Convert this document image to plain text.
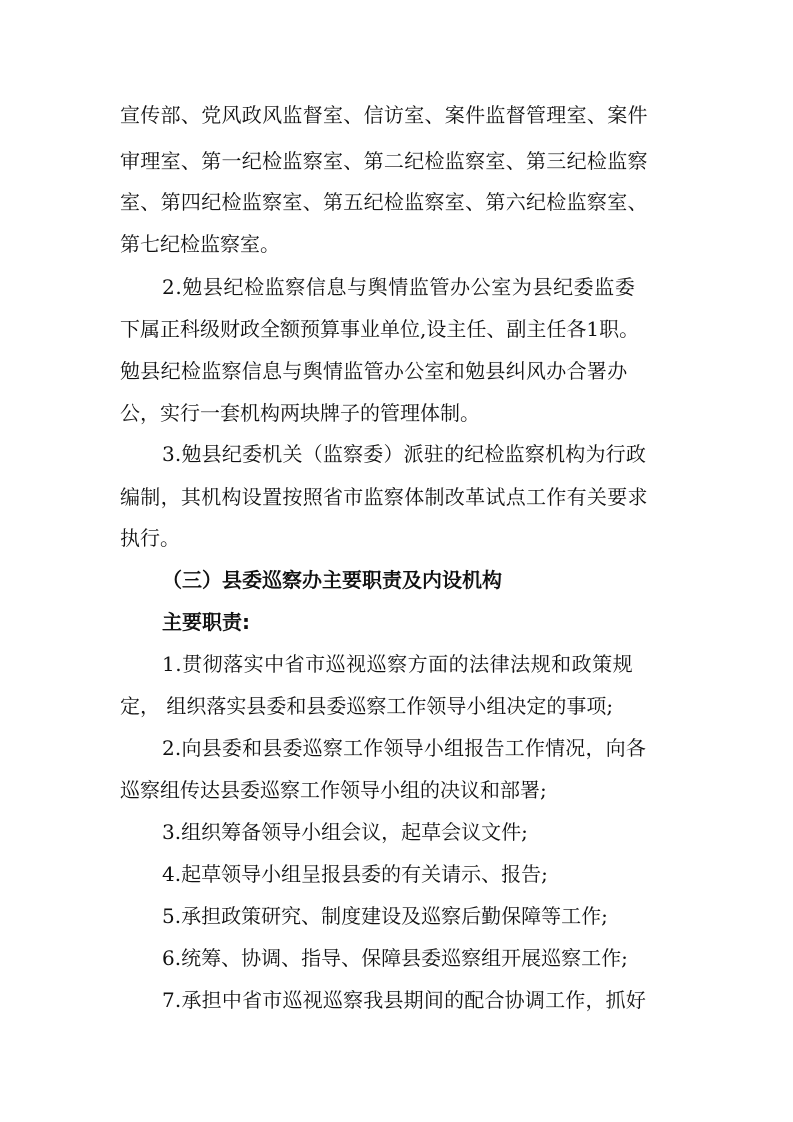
宣传部、党风政风监督室、信访室、案件监督管理室、案件
审理室、第一纪检监察室、第二纪检监察室、第三纪检监察
室、第四纪检监察室、第五纪检监察室、第六纪检监察室、
第七纪检监察室。
2.勉县纪检监察信息与舆情监管办公室为县纪委监委
下属正科级财政全额预算事业单位,设主任、副主任各1职。
勉县纪检监察信息与舆情监管办公室和勉县纠风办合署办
公，实行一套机构两块牌子的管理体制。
3.勉县纪委机关（监察委）派驻的纪检监察机构为行政
编制，其机构设置按照省市监察体制改革试点工作有关要求
执行。
（三）县委巡察办主要职责及内设机构
主要职责:
1.贯彻落实中省市巡视巡察方面的法律法规和政策规
定， 组织落实县委和县委巡察工作领导小组决定的事项;
2.向县委和县委巡察工作领导小组报告工作情况，向各
巡察组传达县委巡察工作领导小组的决议和部署;
3.组织筹备领导小组会议，起草会议文件;
4.起草领导小组呈报县委的有关请示、报告;
5.承担政策研究、制度建设及巡察后勤保障等工作;
6.统筹、协调、指导、保障县委巡察组开展巡察工作;
7.承担中省市巡视巡察我县期间的配合协调工作，抓好
